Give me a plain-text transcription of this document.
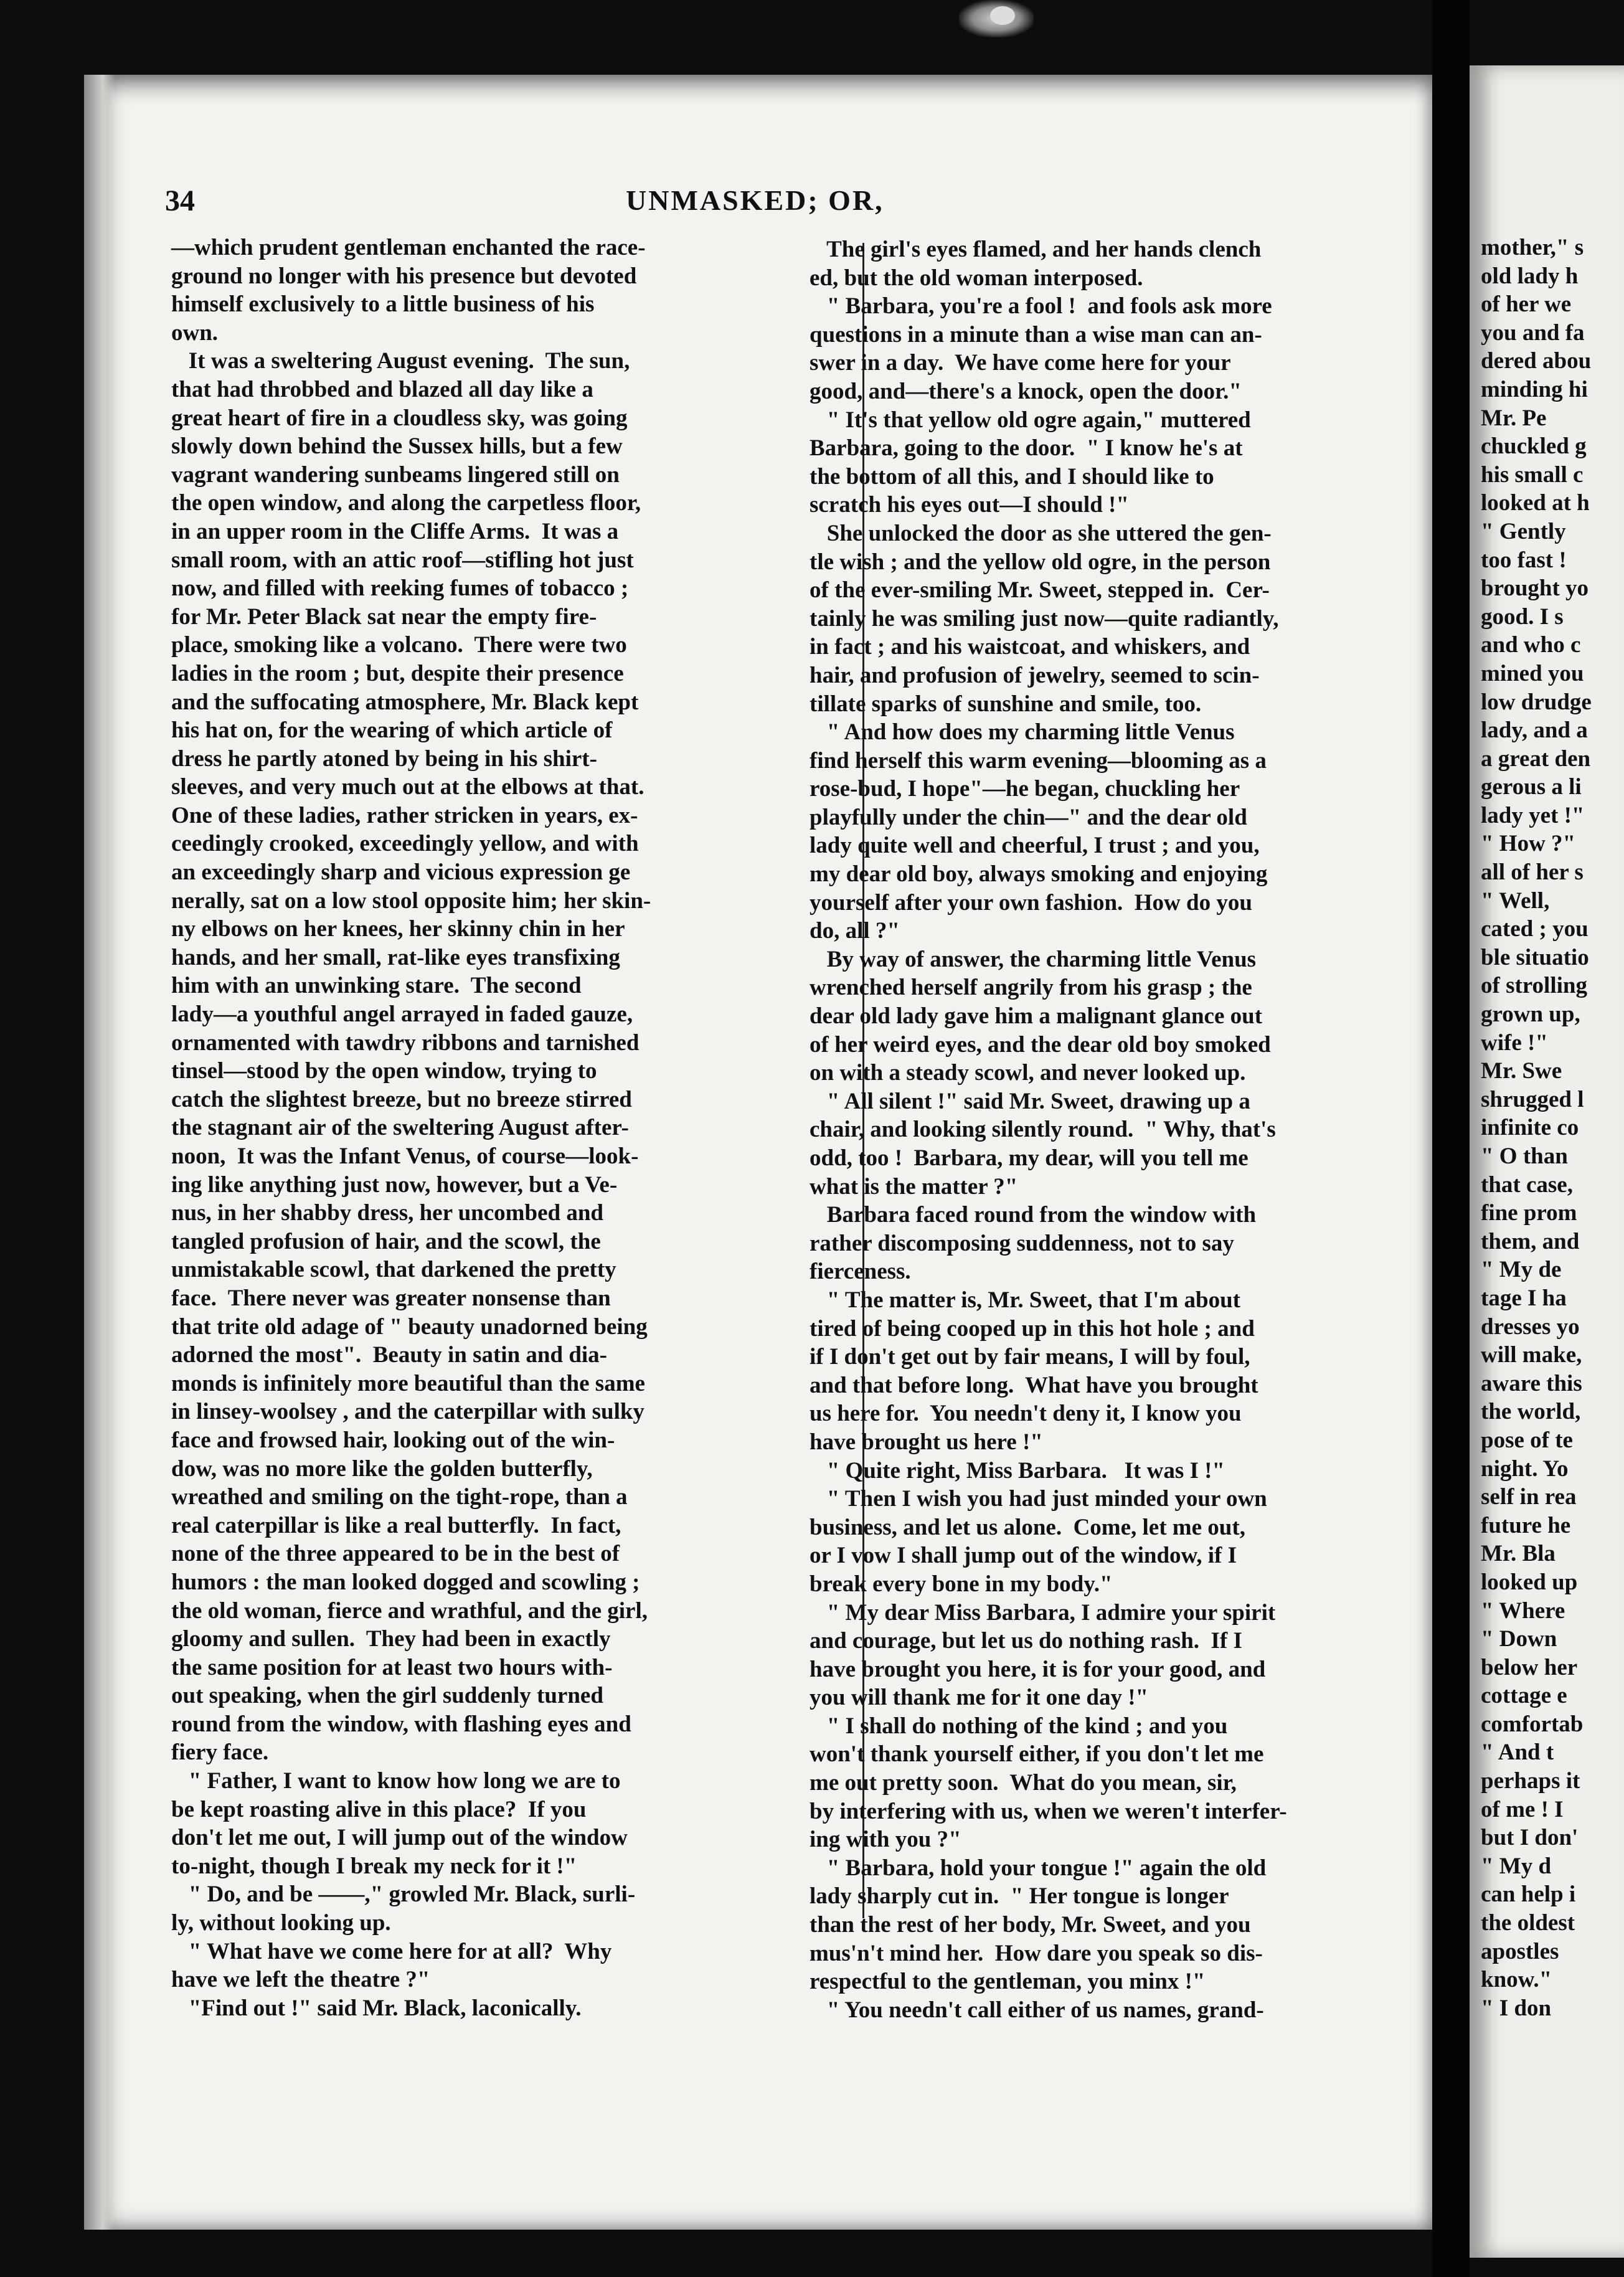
34	UNMASKED; OR,
—which prudent gentleman enchanted the race-
ground no longer with his presence but devoted
himself exclusively to a little business of his
own.
It was a sweltering August evening.  The sun,
that had throbbed and blazed all day like a
great heart of fire in a cloudless sky, was going
slowly down behind the Sussex hills, but a few
vagrant wandering sunbeams lingered still on
the open window, and along the carpetless floor,
in an upper room in the Cliffe Arms.  It was a
small room, with an attic roof—stifling hot just
now, and filled with reeking fumes of tobacco ;
for Mr. Peter Black sat near the empty fire-
place, smoking like a volcano.  There were two
ladies in the room ; but, despite their presence
and the suffocating atmosphere, Mr. Black kept
his hat on, for the wearing of which article of
dress he partly atoned by being in his shirt-
sleeves, and very much out at the elbows at that.
One of these ladies, rather stricken in years, ex-
ceedingly crooked, exceedingly yellow, and with
an exceedingly sharp and vicious expression ge
nerally, sat on a low stool opposite him; her skin-
ny elbows on her knees, her skinny chin in her
hands, and her small, rat-like eyes transfixing
him with an unwinking stare.  The second
lady—a youthful angel arrayed in faded gauze,
ornamented with tawdry ribbons and tarnished
tinsel—stood by the open window, trying to
catch the slightest breeze, but no breeze stirred
the stagnant air of the sweltering August after-
noon,  It was the Infant Venus, of course—look-
ing like anything just now, however, but a Ve-
nus, in her shabby dress, her uncombed and
tangled profusion of hair, and the scowl, the
unmistakable scowl, that darkened the pretty
face.  There never was greater nonsense than
that trite old adage of " beauty unadorned being
adorned the most".  Beauty in satin and dia-
monds is infinitely more beautiful than the same
in linsey-woolsey , and the caterpillar with sulky
face and frowsed hair, looking out of the win-
dow, was no more like the golden butterfly,
wreathed and smiling on the tight-rope, than a
real caterpillar is like a real butterfly.  In fact,
none of the three appeared to be in the best of
humors : the man looked dogged and scowling ;
the old woman, fierce and wrathful, and the girl,
gloomy and sullen.  They had been in exactly
the same position for at least two hours with-
out speaking, when the girl suddenly turned
round from the window, with flashing eyes and
fiery face.
" Father, I want to know how long we are to
be kept roasting alive in this place?  If you
don't let me out, I will jump out of the window
to-night, though I break my neck for it !"
" Do, and be ——," growled Mr. Black, surli-
ly, without looking up.
" What have we come here for at all?  Why
have we left the theatre ?"
"Find out !" said Mr. Black, laconically.
The girl's eyes flamed, and her hands clench
ed, but the old woman interposed.
" Barbara, you're a fool !  and fools ask more
questions in a minute than a wise man can an-
swer in a day.  We have come here for your
good, and—there's a knock, open the door."
" It's that yellow old ogre again," muttered
Barbara, going to the door.  " I know he's at
the bottom of all this, and I should like to
scratch his eyes out—I should !"
She unlocked the door as she uttered the gen-
tle wish ; and the yellow old ogre, in the person
of the ever-smiling Mr. Sweet, stepped in.  Cer-
tainly he was smiling just now—quite radiantly,
in fact ; and his waistcoat, and whiskers, and
hair, and profusion of jewelry, seemed to scin-
tillate sparks of sunshine and smile, too.
" And how does my charming little Venus
find herself this warm evening—blooming as a
rose-bud, I hope"—he began, chuckling her
playfully under the chin—" and the dear old
lady quite well and cheerful, I trust ; and you,
my dear old boy, always smoking and enjoying
yourself after your own fashion.  How do you
do, all ?"
By way of answer, the charming little Venus
wrenched herself angrily from his grasp ; the
dear old lady gave him a malignant glance out
of her weird eyes, and the dear old boy smoked
on with a steady scowl, and never looked up.
" All silent !" said Mr. Sweet, drawing up a
chair, and looking silently round.  " Why, that's
odd, too !  Barbara, my dear, will you tell me
what is the matter ?"
Barbara faced round from the window with
rather discomposing suddenness, not to say
fierceness.
" The matter is, Mr. Sweet, that I'm about
tired of being cooped up in this hot hole ; and
if I don't get out by fair means, I will by foul,
and that before long.  What have you brought
us here for.  You needn't deny it, I know you
have brought us here !"
" Quite right, Miss Barbara.   It was I !"
" Then I wish you had just minded your own
business, and let us alone.  Come, let me out,
or I vow I shall jump out of the window, if I
break every bone in my body."
" My dear Miss Barbara, I admire your spirit
and courage, but let us do nothing rash.  If I
have brought you here, it is for your good, and
you will thank me for it one day !"
" I shall do nothing of the kind ; and you
won't thank yourself either, if you don't let me
me out pretty soon.  What do you mean, sir,
by interfering with us, when we weren't interfer-
ing with you ?"
" Barbara, hold your tongue !" again the old
lady sharply cut in.  " Her tongue is longer
than the rest of her body, Mr. Sweet, and you
mus'n't mind her.  How dare you speak so dis-
respectful to the gentleman, you minx !"
" You needn't call either of us names, grand-
mother," s
old lady h
of her we
you and fa
dered abou
minding hi
Mr. Pe
chuckled g
his small c
looked at h
" Gently
too fast !
brought yo
good. I s
and who c
mined you
low drudge
lady, and a
a great den
gerous a li
lady yet !"
" How ?"
all of her s
" Well,
cated ; you
ble situatio
of strolling
grown up,
wife !"
Mr. Swe
shrugged l
infinite co
" O than
that case,
fine prom
them, and
" My de
tage I ha
dresses yo
will make,
aware this
the world,
pose of te
night. Yo
self in rea
future he
Mr. Bla
looked up
" Where
" Down
below her
cottage e
comfortab
" And t
perhaps it
of me ! I
but I don'
" My d
can help i
the oldest
apostles
know."
" I don
